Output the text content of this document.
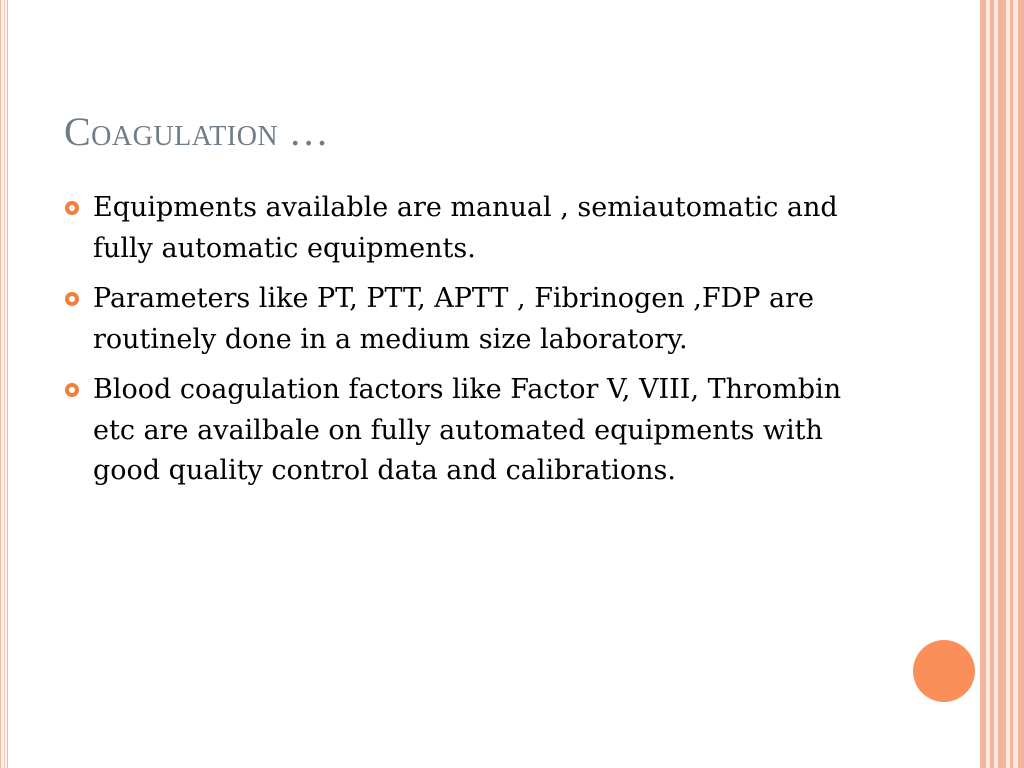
Coagulation …
Equipments available are manual , semiautomatic and fully automatic equipments.
Parameters like PT, PTT, APTT , Fibrinogen ,FDP are routinely done in a medium size laboratory.
Blood coagulation factors like Factor V, VIII, Thrombin etc are availbale on fully automated equipments with good quality control data and calibrations.
